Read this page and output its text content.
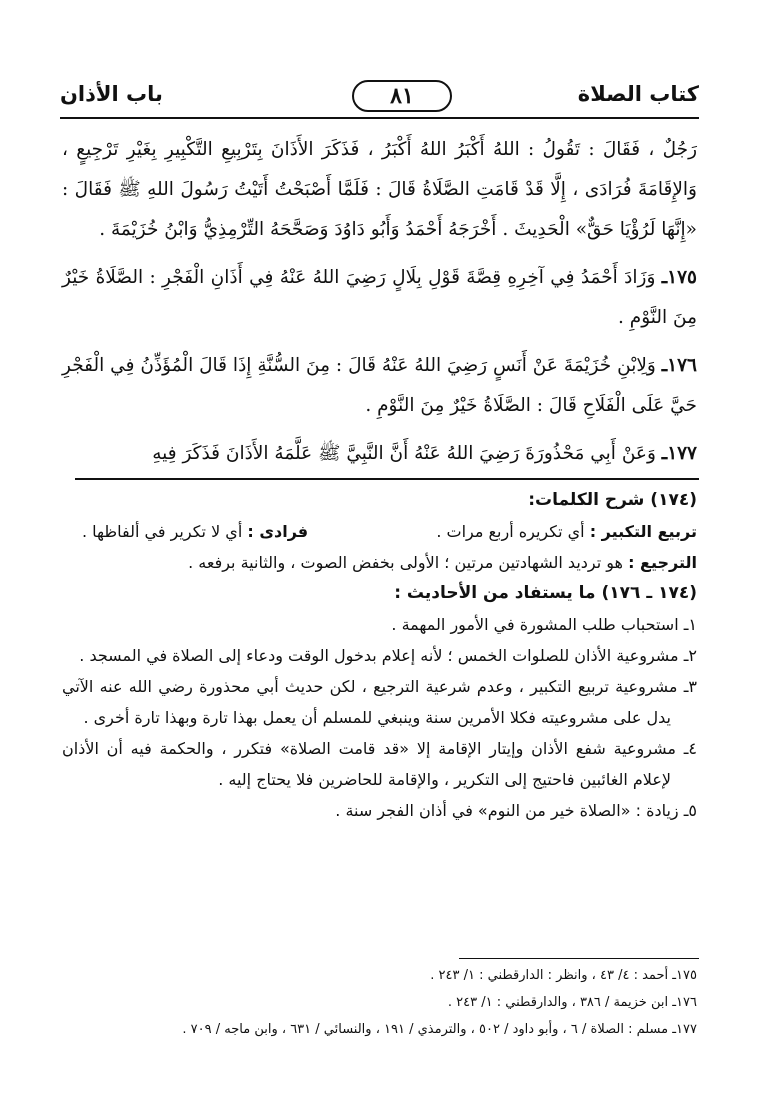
كتاب الصلاة
٨١
باب الأذان

رَجُلٌ ، فَقَالَ : تَقُولُ : اللهُ أَكْبَرُ اللهُ أَكْبَرُ ، فَذَكَرَ الأَذَانَ بِتَرْبِيعِ التَّكْبِيرِ بِغَيْرِ تَرْجِيعٍ ، وَالإِقَامَةَ فُرَادَى ، إِلَّا قَدْ قَامَتِ الصَّلَاةُ قَالَ : فَلَمَّا أَصْبَحْتُ أَتَيْتُ رَسُولَ اللهِ ﷺ فَقَالَ : «إِنَّهَا لَرُؤْيَا حَقٌّ» الْحَدِيثَ . أَخْرَجَهُ أَحْمَدُ وَأَبُو دَاوُدَ وَصَحَّحَهُ التِّرْمِذِيُّ وَابْنُ خُزَيْمَةَ .

١٧٥ـ وَزَادَ أَحْمَدُ فِي آخِرِهِ قِصَّةَ قَوْلِ بِلَالٍ رَضِيَ اللهُ عَنْهُ فِي أَذَانِ الْفَجْرِ : الصَّلَاةُ خَيْرٌ مِنَ النَّوْمِ .

١٧٦ـ وَلِابْنِ خُزَيْمَةَ عَنْ أَنَسٍ رَضِيَ اللهُ عَنْهُ قَالَ : مِنَ السُّنَّةِ إِذَا قَالَ الْمُؤَذِّنُ فِي الْفَجْرِ حَيَّ عَلَى الْفَلَاحِ قَالَ : الصَّلَاةُ خَيْرٌ مِنَ النَّوْمِ .

١٧٧ـ وَعَنْ أَبِي مَحْذُورَةَ رَضِيَ اللهُ عَنْهُ أَنَّ النَّبِيَّ ﷺ عَلَّمَهُ الأَذَانَ فَذَكَرَ فِيهِ

(١٧٤) شرح الكلمات:

تربيع التكبير : أي تكريره أربع مرات .

فرادى : أي لا تكرير في ألفاظها .

الترجيع : هو ترديد الشهادتين مرتين ؛ الأولى بخفض الصوت ، والثانية برفعه .

(١٧٤ ـ ١٧٦) ما يستفاد من الأحاديث :

١ـ استحباب طلب المشورة في الأمور المهمة .

٢ـ مشروعية الأذان للصلوات الخمس ؛ لأنه إعلام بدخول الوقت ودعاء إلى الصلاة في المسجد .

٣ـ مشروعية تربيع التكبير ، وعدم شرعية الترجيع ، لكن حديث أبي محذورة رضي الله عنه الآتي يدل على مشروعيته فكلا الأمرين سنة وينبغي للمسلم أن يعمل بهذا تارة وبهذا تارة أخرى .

٤ـ مشروعية شفع الأذان وإيتار الإقامة إلا «قد قامت الصلاة» فتكرر ، والحكمة فيه أن الأذان لإعلام الغائبين فاحتيج إلى التكرير ، والإقامة للحاضرين فلا يحتاج إليه .

٥ـ زيادة : «الصلاة خير من النوم» في أذان الفجر سنة .

١٧٥ـ أحمد : ٤/ ٤٣ ، وانظر : الدارقطني : ١/ ٢٤٣ .

١٧٦ـ ابن خزيمة / ٣٨٦ ، والدارقطني : ١/ ٢٤٣ .

١٧٧ـ مسلم : الصلاة / ٦ ، وأبو داود / ٥٠٢ ، والترمذي / ١٩١ ، والنسائي / ٦٣١ ، وابن ماجه / ٧٠٩ .
